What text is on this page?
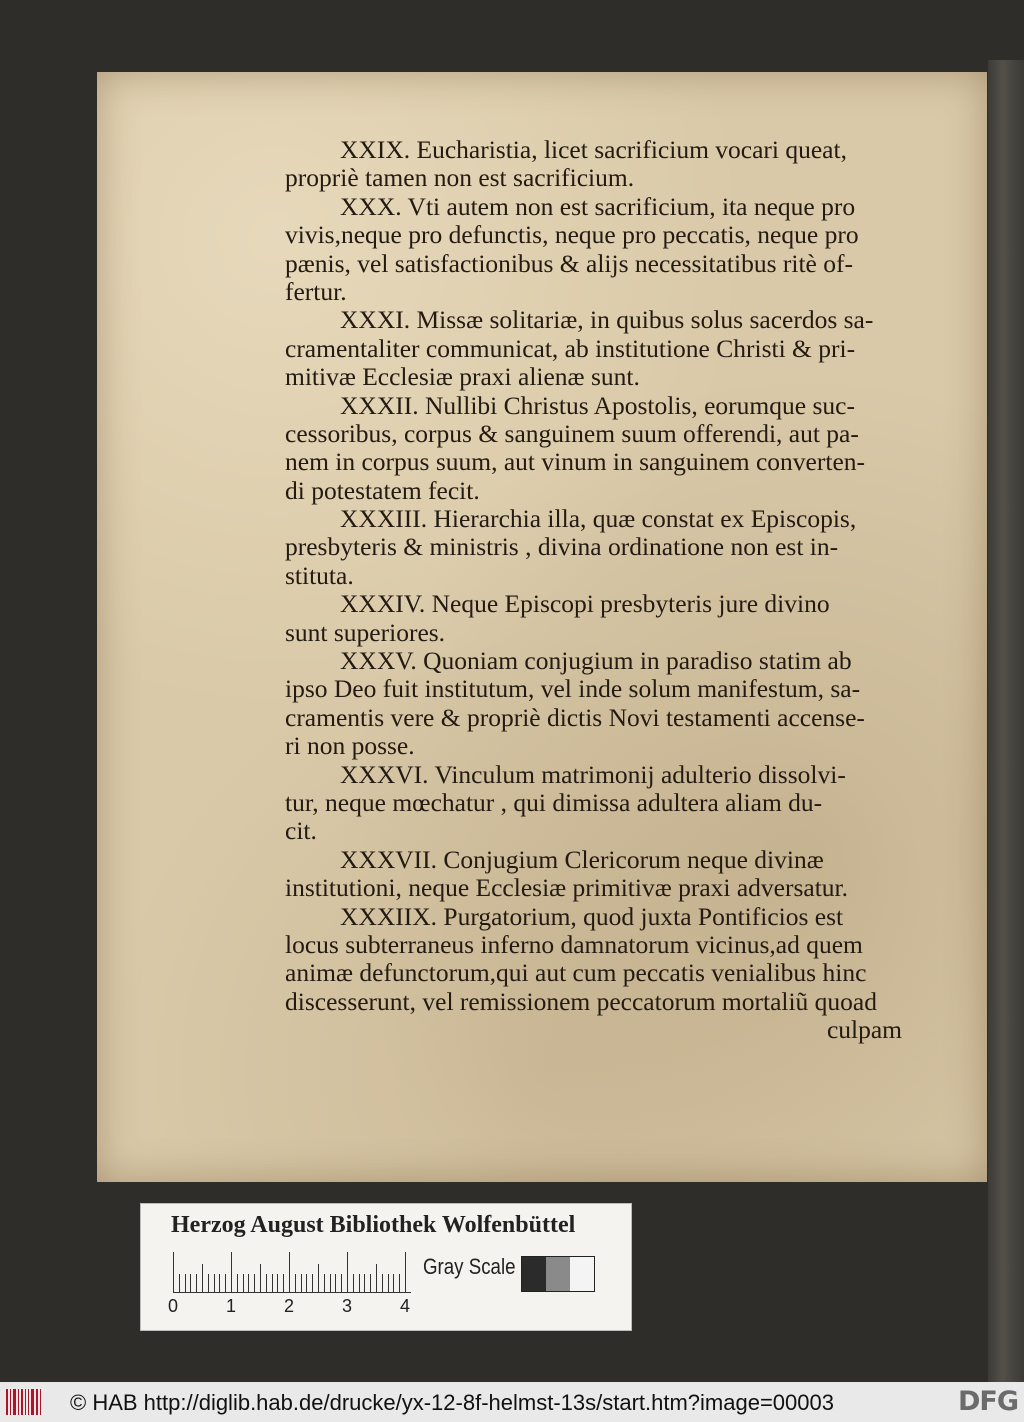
XXIX. Eucharistia, licet sacrificium vocari queat,
propriè tamen non est sacrificium.
XXX. Vti autem non est sacrificium, ita neque pro
vivis,neque pro defunctis, neque pro peccatis, neque pro
pænis, vel satisfactionibus & alijs necessitatibus ritè of-
fertur.
XXXI. Missæ solitariæ, in quibus solus sacerdos sa-
cramentaliter communicat, ab institutione Christi & pri-
mitivæ Ecclesiæ praxi alienæ sunt.
XXXII. Nullibi Christus Apostolis, eorumque suc-
cessoribus, corpus & sanguinem suum offerendi, aut pa-
nem in corpus suum, aut vinum in sanguinem converten-
di potestatem fecit.
XXXIII. Hierarchia illa, quæ constat ex Episcopis,
presbyteris & ministris , divina ordinatione non est in-
stituta.
XXXIV. Neque Episcopi presbyteris jure divino
sunt superiores.
XXXV. Quoniam conjugium in paradiso statim ab
ipso Deo fuit institutum, vel inde solum manifestum, sa-
cramentis vere & propriè dictis Novi testamenti accense-
ri non posse.
XXXVI. Vinculum matrimonij adulterio dissolvi-
tur, neque mœchatur , qui dimissa adultera aliam du-
cit.
XXXVII. Conjugium Clericorum neque divinæ
institutioni, neque Ecclesiæ primitivæ praxi adversatur.
XXXIIX. Purgatorium, quod juxta Pontificios est
locus subterraneus inferno damnatorum vicinus,ad quem
animæ defunctorum,qui aut cum peccatis venialibus hinc
discesserunt, vel remissionem peccatorum mortaliũ quoad
culpam
Herzog August Bibliothek Wolfenbüttel
0	1	2	3	4
Gray Scale
© HAB http://diglib.hab.de/drucke/yx-12-8f-helmst-13s/start.htm?image=00003	DFG
